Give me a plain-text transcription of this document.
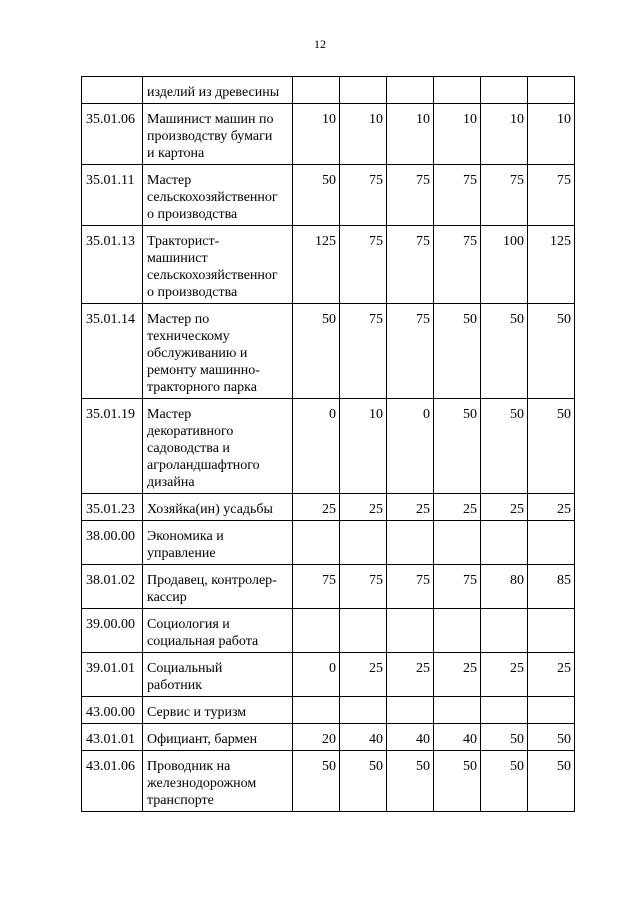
12

	изделий из древесины						

35.01.06	Машинист машин по
производству бумаги
и картона	10	10	10	10	10	10
35.01.11	Мастер
сельскохозяйственног
о производства	50	75	75	75	75	75
35.01.13	Тракторист-
машинист
сельскохозяйственног
о производства	125	75	75	75	100	125
35.01.14	Мастер по
техническому
обслуживанию и
ремонту машинно-
тракторного парка	50	75	75	50	50	50
35.01.19	Мастер
декоративного
садоводства и
агроландшафтного
дизайна	0	10	0	50	50	50
35.01.23	Хозяйка(ин) усадьбы	25	25	25	25	25	25
38.00.00	Экономика и
управление						

38.01.02	Продавец, контролер-
кассир	75	75	75	75	80	85
39.00.00	Социология и
социальная работа						

39.01.01	Социальный
работник	0	25	25	25	25	25
43.00.00	Сервис и туризм						

43.01.01	Официант, бармен	20	40	40	40	50	50
43.01.06	Проводник на
железнодорожном
транспорте	50	50	50	50	50	50
